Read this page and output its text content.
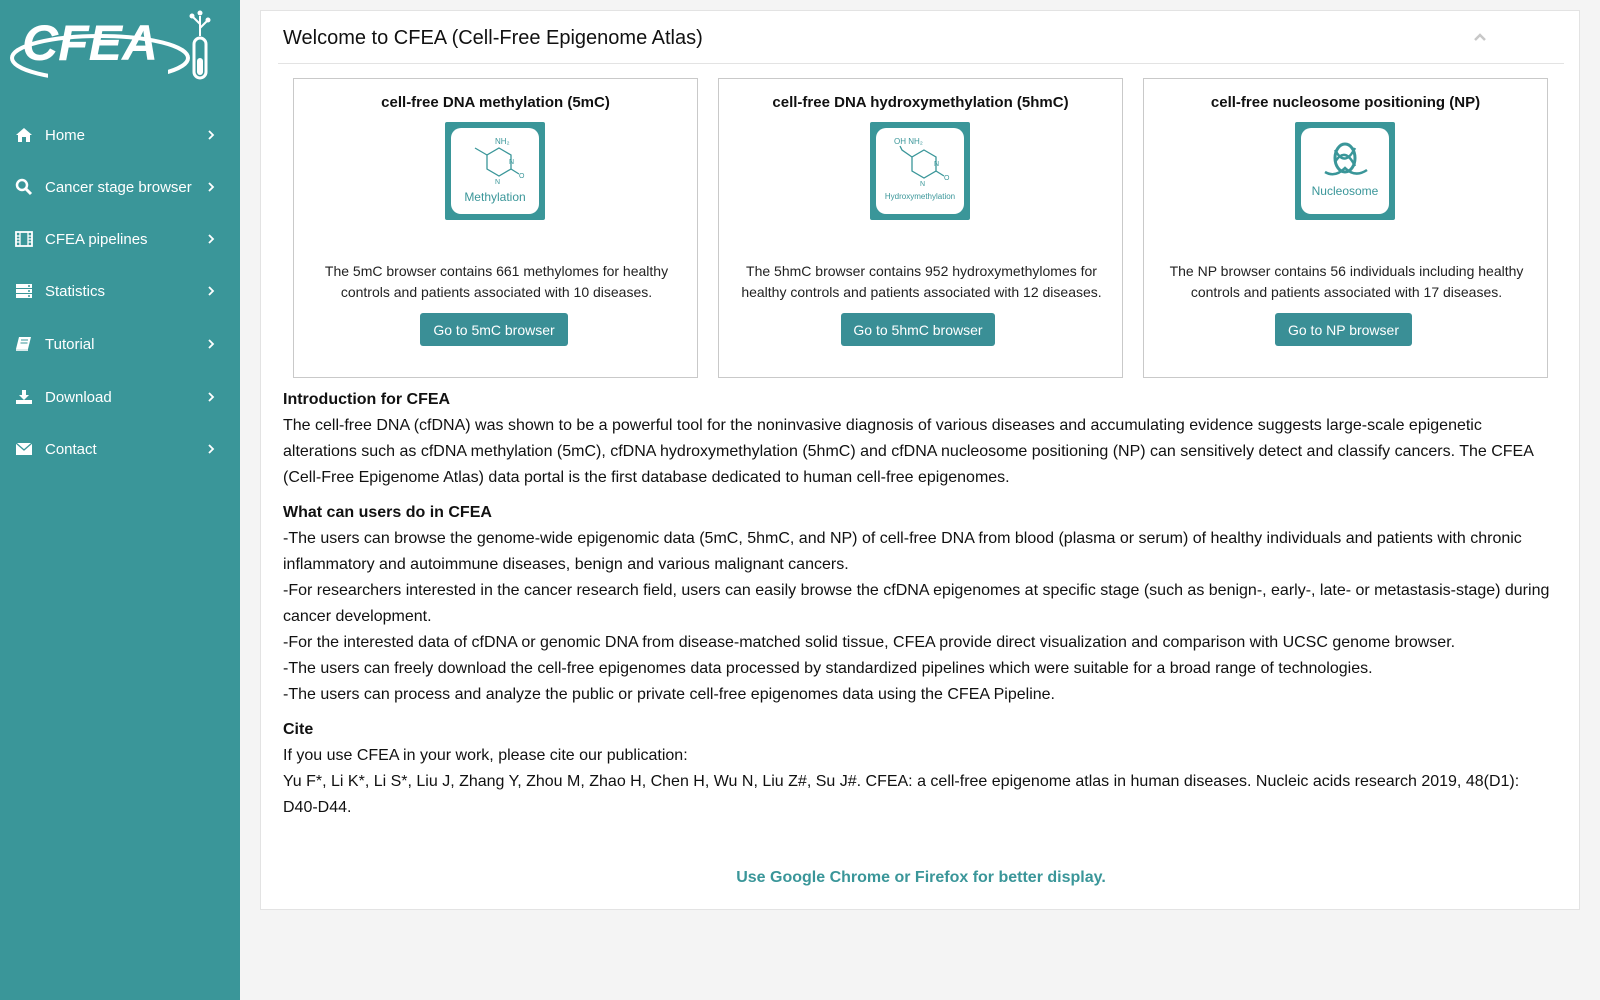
CFEA
Home
Cancer stage browser
CFEA pipelines
Statistics
Tutorial
Download
Contact
Welcome to CFEA (Cell-Free Epigenome Atlas)
cell-free DNA methylation (5mC)
NH₂
N
N
O
Methylation
The 5mC browser contains 661 methylomes for healthy controls and patients associated with 10 diseases.
Go to 5mC browser
cell-free DNA hydroxymethylation (5hmC)
OH NH₂
N
N
O
Hydroxymethylation
The 5hmC browser contains 952 hydroxymethylomes for healthy controls and patients associated with 12 diseases.
Go to 5hmC browser
cell-free nucleosome positioning (NP)
Nucleosome
The NP browser contains 56 individuals including healthy controls and patients associated with 17 diseases.
Go to NP browser
Introduction for CFEA

The cell-free DNA (cfDNA) was shown to be a powerful tool for the noninvasive diagnosis of various diseases and accumulating evidence suggests large-scale epigenetic alterations such as cfDNA methylation (5mC), cfDNA hydroxymethylation (5hmC) and cfDNA nucleosome positioning (NP) can sensitively detect and classify cancers. The CFEA (Cell-Free Epigenome Atlas) data portal is the first database dedicated to human cell-free epigenomes.

What can users do in CFEA

-The users can browse the genome-wide epigenomic data (5mC, 5hmC, and NP) of cell-free DNA from blood (plasma or serum) of healthy individuals and patients with chronic inflammatory and autoimmune diseases, benign and various malignant cancers.

-For researchers interested in the cancer research field, users can easily browse the cfDNA epigenomes at specific stage (such as benign-, early-, late- or metastasis-stage) during cancer development.

-For the interested data of cfDNA or genomic DNA from disease-matched solid tissue, CFEA provide direct visualization and comparison with UCSC genome browser.

-The users can freely download the cell-free epigenomes data processed by standardized pipelines which were suitable for a broad range of technologies.

-The users can process and analyze the public or private cell-free epigenomes data using the CFEA Pipeline.

Cite

If you use CFEA in your work, please cite our publication:

Yu F*, Li K*, Li S*, Liu J, Zhang Y, Zhou M, Zhao H, Chen H, Wu N, Liu Z#, Su J#. CFEA: a cell-free epigenome atlas in human diseases. Nucleic acids research 2019, 48(D1): D40-D44.

Use Google Chrome or Firefox for better display.
